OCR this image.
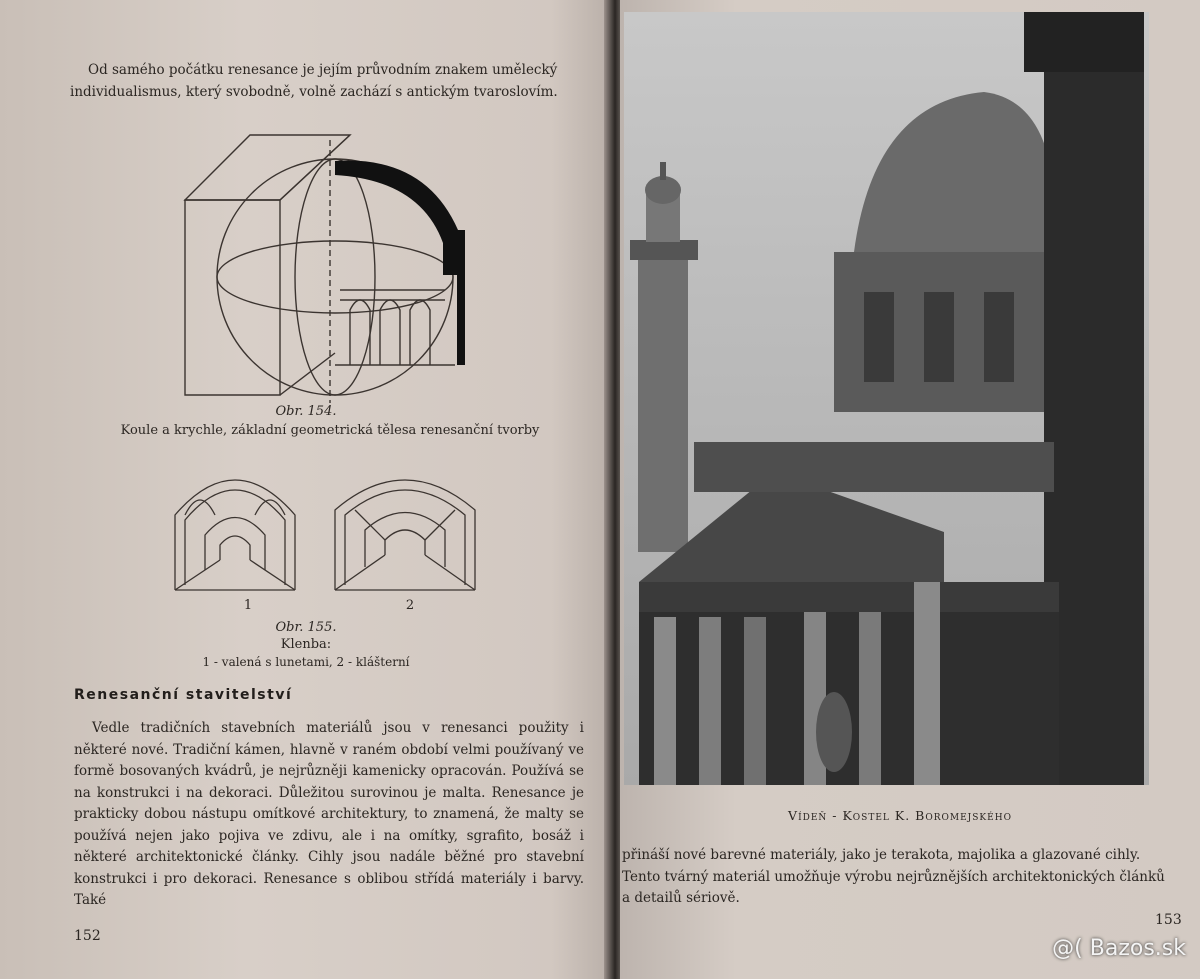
Od samého počátku renesance je jejím průvodním znakem umělecký individualismus, který svobodně, volně zachází s antickým tvaroslovím.
Obr. 154.
Koule a krychle, základní geometrická tělesa renesanční tvorby
1	2
Obr. 155.
Klenba:
1 - valená s lunetami, 2 - klášterní
Renesanční stavitelství
Vedle tradičních stavebních materiálů jsou v renesanci použity i některé nové. Tradiční kámen, hlavně v raném období velmi používaný ve formě bosovaných kvádrů, je nejrůzněji kamenicky opracován. Používá se na konstrukci i na dekoraci. Důležitou surovinou je malta. Renesance je prakticky dobou nástupu omítkové architektury, to znamená, že malty se používá nejen jako pojiva ve zdivu, ale i na omítky, sgrafito, bosáž i některé architektonické články. Cihly jsou nadále běžné pro stavební konstrukci i pro dekoraci. Renesance s oblibou střídá materiály i barvy. Také
152
Vídeň - Kostel K. Boromejského
přináší nové barevné materiály, jako je terakota, majolika a glazované cihly. Tento tvárný materiál umožňuje výrobu nejrůznějších architektonických článků a detailů sériově.
153
@( Bazos.sk
